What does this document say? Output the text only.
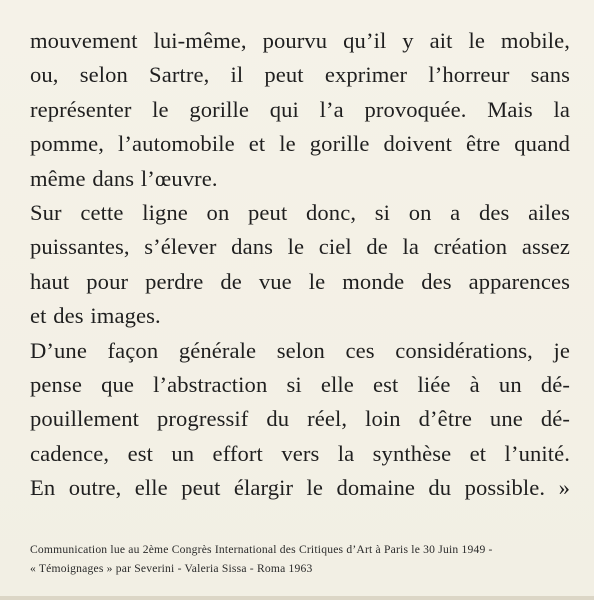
mouvement lui-même, pourvu qu’il y ait le mobile,
ou, selon Sartre, il peut exprimer l’horreur sans
représenter le gorille qui l’a provoquée. Mais la
pomme, l’automobile et le gorille doivent être quand
même dans l’œuvre.
Sur cette ligne on peut donc, si on a des ailes
puissantes, s’élever dans le ciel de la création assez
haut pour perdre de vue le monde des apparences
et des images.
D’une façon générale selon ces considérations, je
pense que l’abstraction si elle est liée à un dé-
pouillement progressif du réel, loin d’être une dé-
cadence, est un effort vers la synthèse et l’unité.
En outre, elle peut élargir le domaine du possible. »
Communication lue au 2ème Congrès International des Critiques d’Art à Paris le 30 Juin 1949 -
« Témoignages » par Severini - Valeria Sissa - Roma 1963
